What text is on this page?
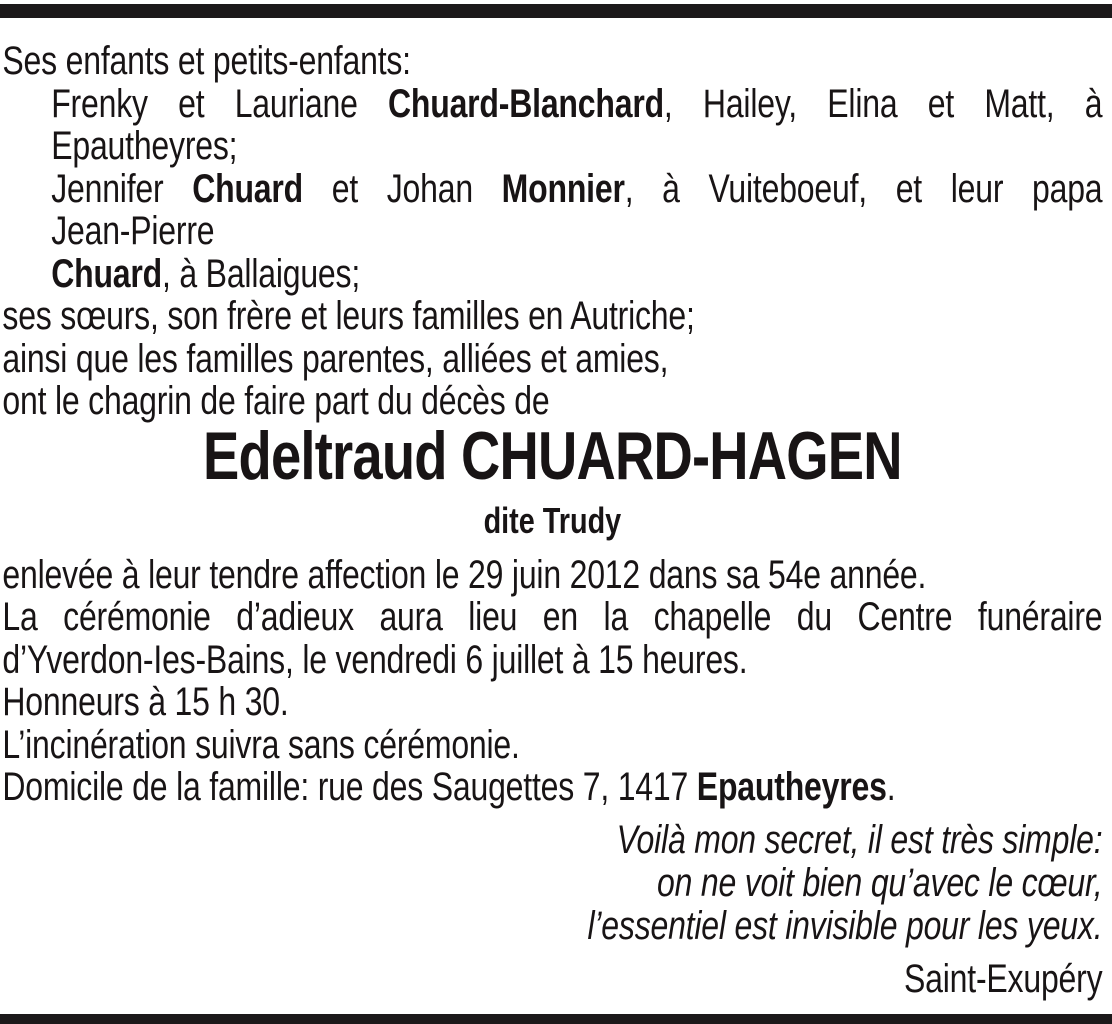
Ses enfants et petits-enfants:
Frenky et Lauriane Chuard-Blanchard, Hailey, Elina et Matt, à
Epautheyres;
Jennifer Chuard et Johan Monnier, à Vuiteboeuf, et leur papa
Jean-Pierre
Chuard, à Ballaigues;
ses sœurs, son frère et leurs familles en Autriche;
ainsi que les familles parentes, alliées et amies,
ont le chagrin de faire part du décès de
Edeltraud CHUARD-HAGEN
dite Trudy
enlevée à leur tendre affection le 29 juin 2012 dans sa 54e année.
La cérémonie d’adieux aura lieu en la chapelle du Centre funéraire
d’Yverdon-Ies-Bains, le vendredi 6 juillet à 15 heures.
Honneurs à 15 h 30.
L’incinération suivra sans cérémonie.
Domicile de la famille: rue des Saugettes 7, 1417 Epautheyres.
Voilà mon secret, il est très simple:
on ne voit bien qu’avec le cœur,
l’essentiel est invisible pour les yeux.
Saint-Exupéry
